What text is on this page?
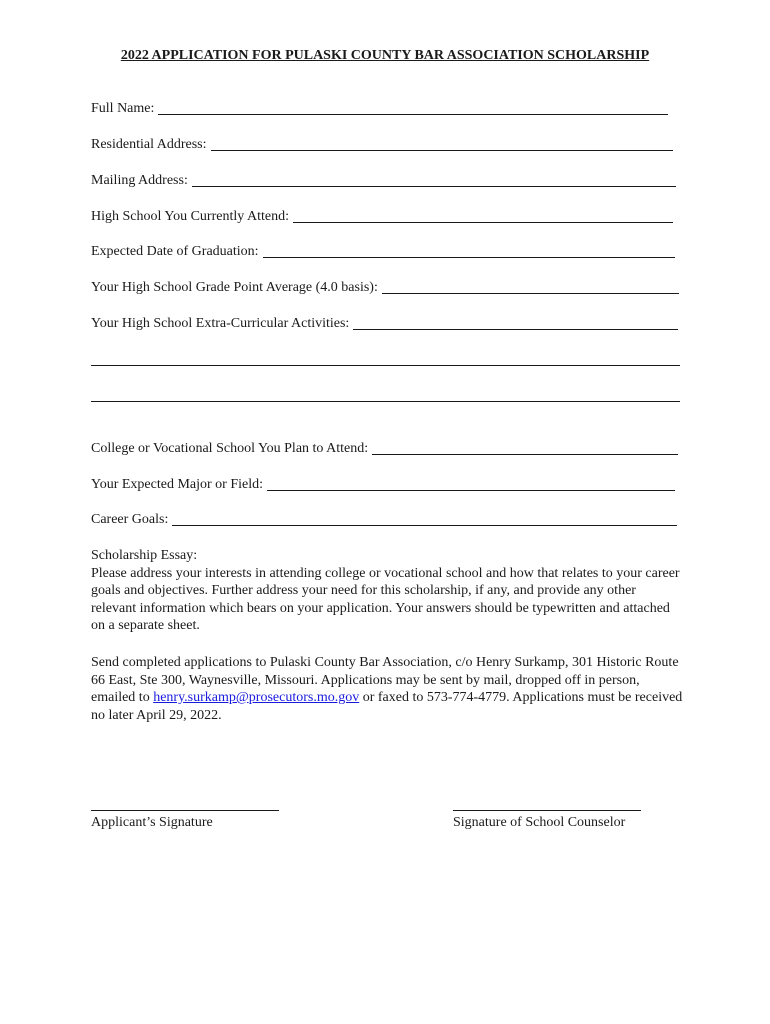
2022 APPLICATION FOR PULASKI COUNTY BAR ASSOCIATION SCHOLARSHIP
Full Name:
Residential Address:
Mailing Address:
High School You Currently Attend:
Expected Date of Graduation:
Your High School Grade Point Average (4.0 basis):
Your High School Extra-Curricular Activities:
College or Vocational School You Plan to Attend:
Your Expected Major or Field:
Career Goals:
Scholarship Essay:
Please address your interests in attending college or vocational school and how that relates to your career goals and objectives. Further address your need for this scholarship, if any, and provide any other relevant information which bears on your application. Your answers should be typewritten and attached on a separate sheet.
Send completed applications to Pulaski County Bar Association, c/o Henry Surkamp, 301 Historic Route 66 East, Ste 300, Waynesville, Missouri. Applications may be sent by mail, dropped off in person, emailed to henry.surkamp@prosecutors.mo.gov or faxed to 573-774-4779. Applications must be received no later April 29, 2022.
Applicant’s Signature	Signature of School Counselor
